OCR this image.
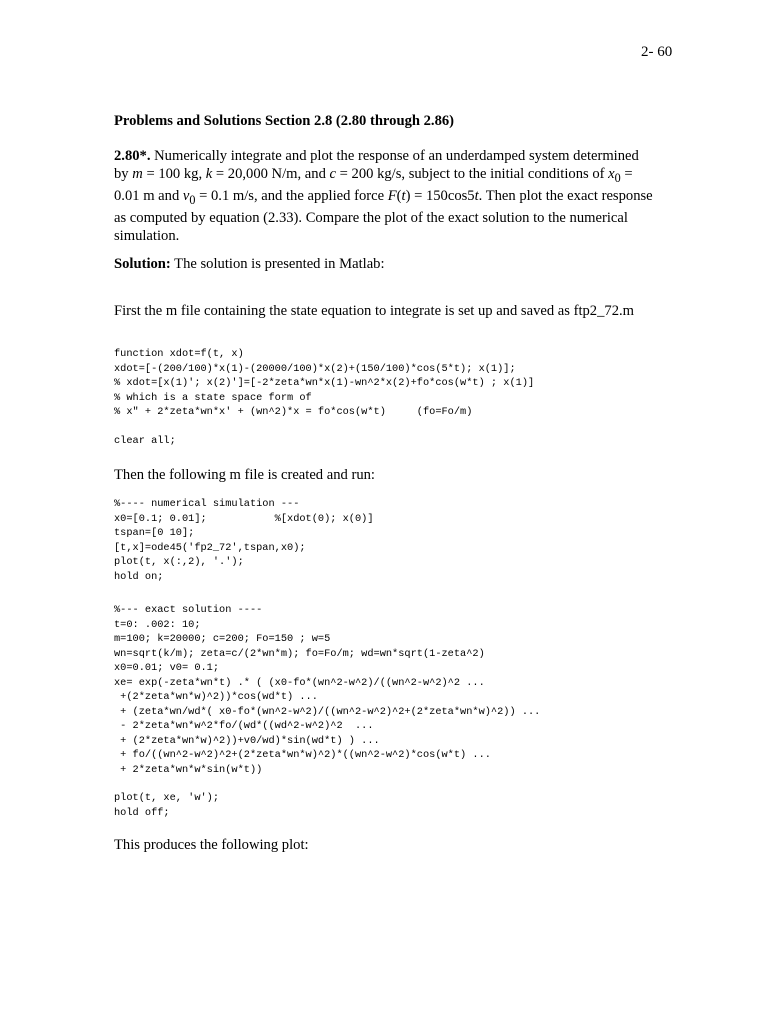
2- 60
Problems and Solutions Section 2.8 (2.80 through 2.86)
2.80*. Numerically integrate and plot the response of an underdamped system determined by m = 100 kg, k = 20,000 N/m, and c = 200 kg/s, subject to the initial conditions of $x_0 = 0.01$ m and $v_0 = 0.1$ m/s, and the applied force F(t) = 150cos5t. Then plot the exact response as computed by equation (2.33). Compare the plot of the exact solution to the numerical simulation.
Solution: The solution is presented in Matlab:
First the m file containing the state equation to integrate is set up and saved as ftp2_72.m
function xdot=f(t, x)
xdot=[-(200/100)*x(1)-(20000/100)*x(2)+(150/100)*cos(5*t); x(1)];
% xdot=[x(1)'; x(2)']=[-2*zeta*wn*x(1)-wn^2*x(2)+fo*cos(w*t) ; x(1)]
% which is a state space form of
% x" + 2*zeta*wn*x' + (wn^2)*x = fo*cos(w*t)     (fo=Fo/m)
clear all;
Then the following m file is created and run:
%---- numerical simulation ---
x0=[0.1; 0.01];           %[xdot(0); x(0)]
tspan=[0 10];
[t,x]=ode45('fp2_72',tspan,x0);
plot(t, x(:,2), '.');
hold on;
%--- exact solution ----
t=0: .002: 10;
m=100; k=20000; c=200; Fo=150 ; w=5
wn=sqrt(k/m); zeta=c/(2*wn*m); fo=Fo/m; wd=wn*sqrt(1-zeta^2)
x0=0.01; v0= 0.1;
xe= exp(-zeta*wn*t) .* ( (x0-fo*(wn^2-w^2)/((wn^2-w^2)^2 ...
+(2*zeta*wn*w)^2))*cos(wd*t) ...
+ (zeta*wn/wd*( x0-fo*(wn^2-w^2)/((wn^2-w^2)^2+(2*zeta*wn*w)^2)) ...
- 2*zeta*wn*w^2*fo/(wd*((wd^2-w^2)^2  ...
+ (2*zeta*wn*w)^2))+v0/wd)*sin(wd*t) ) ...
+ fo/((wn^2-w^2)^2+(2*zeta*wn*w)^2)*((wn^2-w^2)*cos(w*t) ...
+ 2*zeta*wn*w*sin(w*t))
plot(t, xe, 'w');
hold off;
This produces the following plot:
